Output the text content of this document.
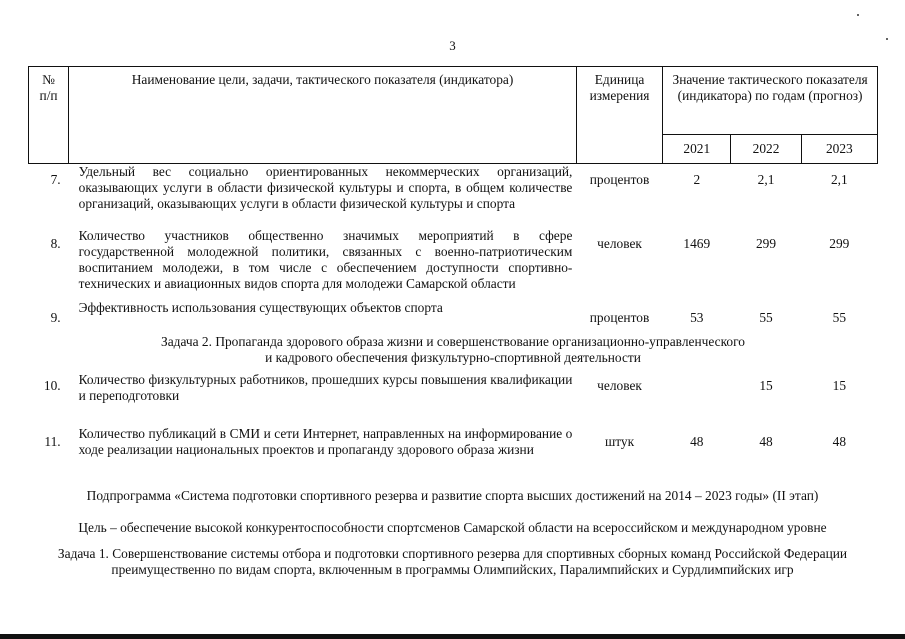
3
№
п/п	Наименование цели, задачи, тактического показателя (индикатора)	Единица измерения	Значение тактического показателя (индикатора) по годам (прогноз)		
			2021	2022	2023
7.	Удельный вес социально ориентированных некоммерческих организаций, оказывающих услуги в области физической культуры и спорта, в общем количестве организаций, оказывающих услуги в области физической культуры и спорта	процентов	2	2,1	2,1
8.	Количество участников общественно значимых мероприятий в сфере государственной молодежной политики, связанных с военно-патриотическим воспитанием молодежи, в том числе с обеспечением доступности спортивно-технических и авиационных видов спорта для молодежи Самарской области	человек	1469	299	299
9.	Эффективность использования существующих объектов спорта	процентов	53	55	55

Задача 2. Пропаганда здорового образа жизни и совершенствование организационно-управленческого
и кадрового обеспечения физкультурно-спортивной деятельности					

10.	Количество физкультурных работников, прошедших курсы повышения квалификации и переподготовки	человек		15	15
11.	Количество публикаций в СМИ и сети Интернет, направленных на информирование о ходе реализации национальных проектов и пропаганду здорового образа жизни	штук	48	48	48
Подпрограмма «Система подготовки спортивного резерва и развитие спорта высших достижений на 2014 – 2023 годы» (II этап)
Цель – обеспечение высокой конкурентоспособности спортсменов Самарской области на всероссийском и международном уровне
Задача 1. Совершенствование системы отбора и подготовки спортивного резерва для спортивных сборных команд Российской Федерации
преимущественно по видам спорта, включенным в программы Олимпийских, Паралимпийских и Сурдлимпийских игр
